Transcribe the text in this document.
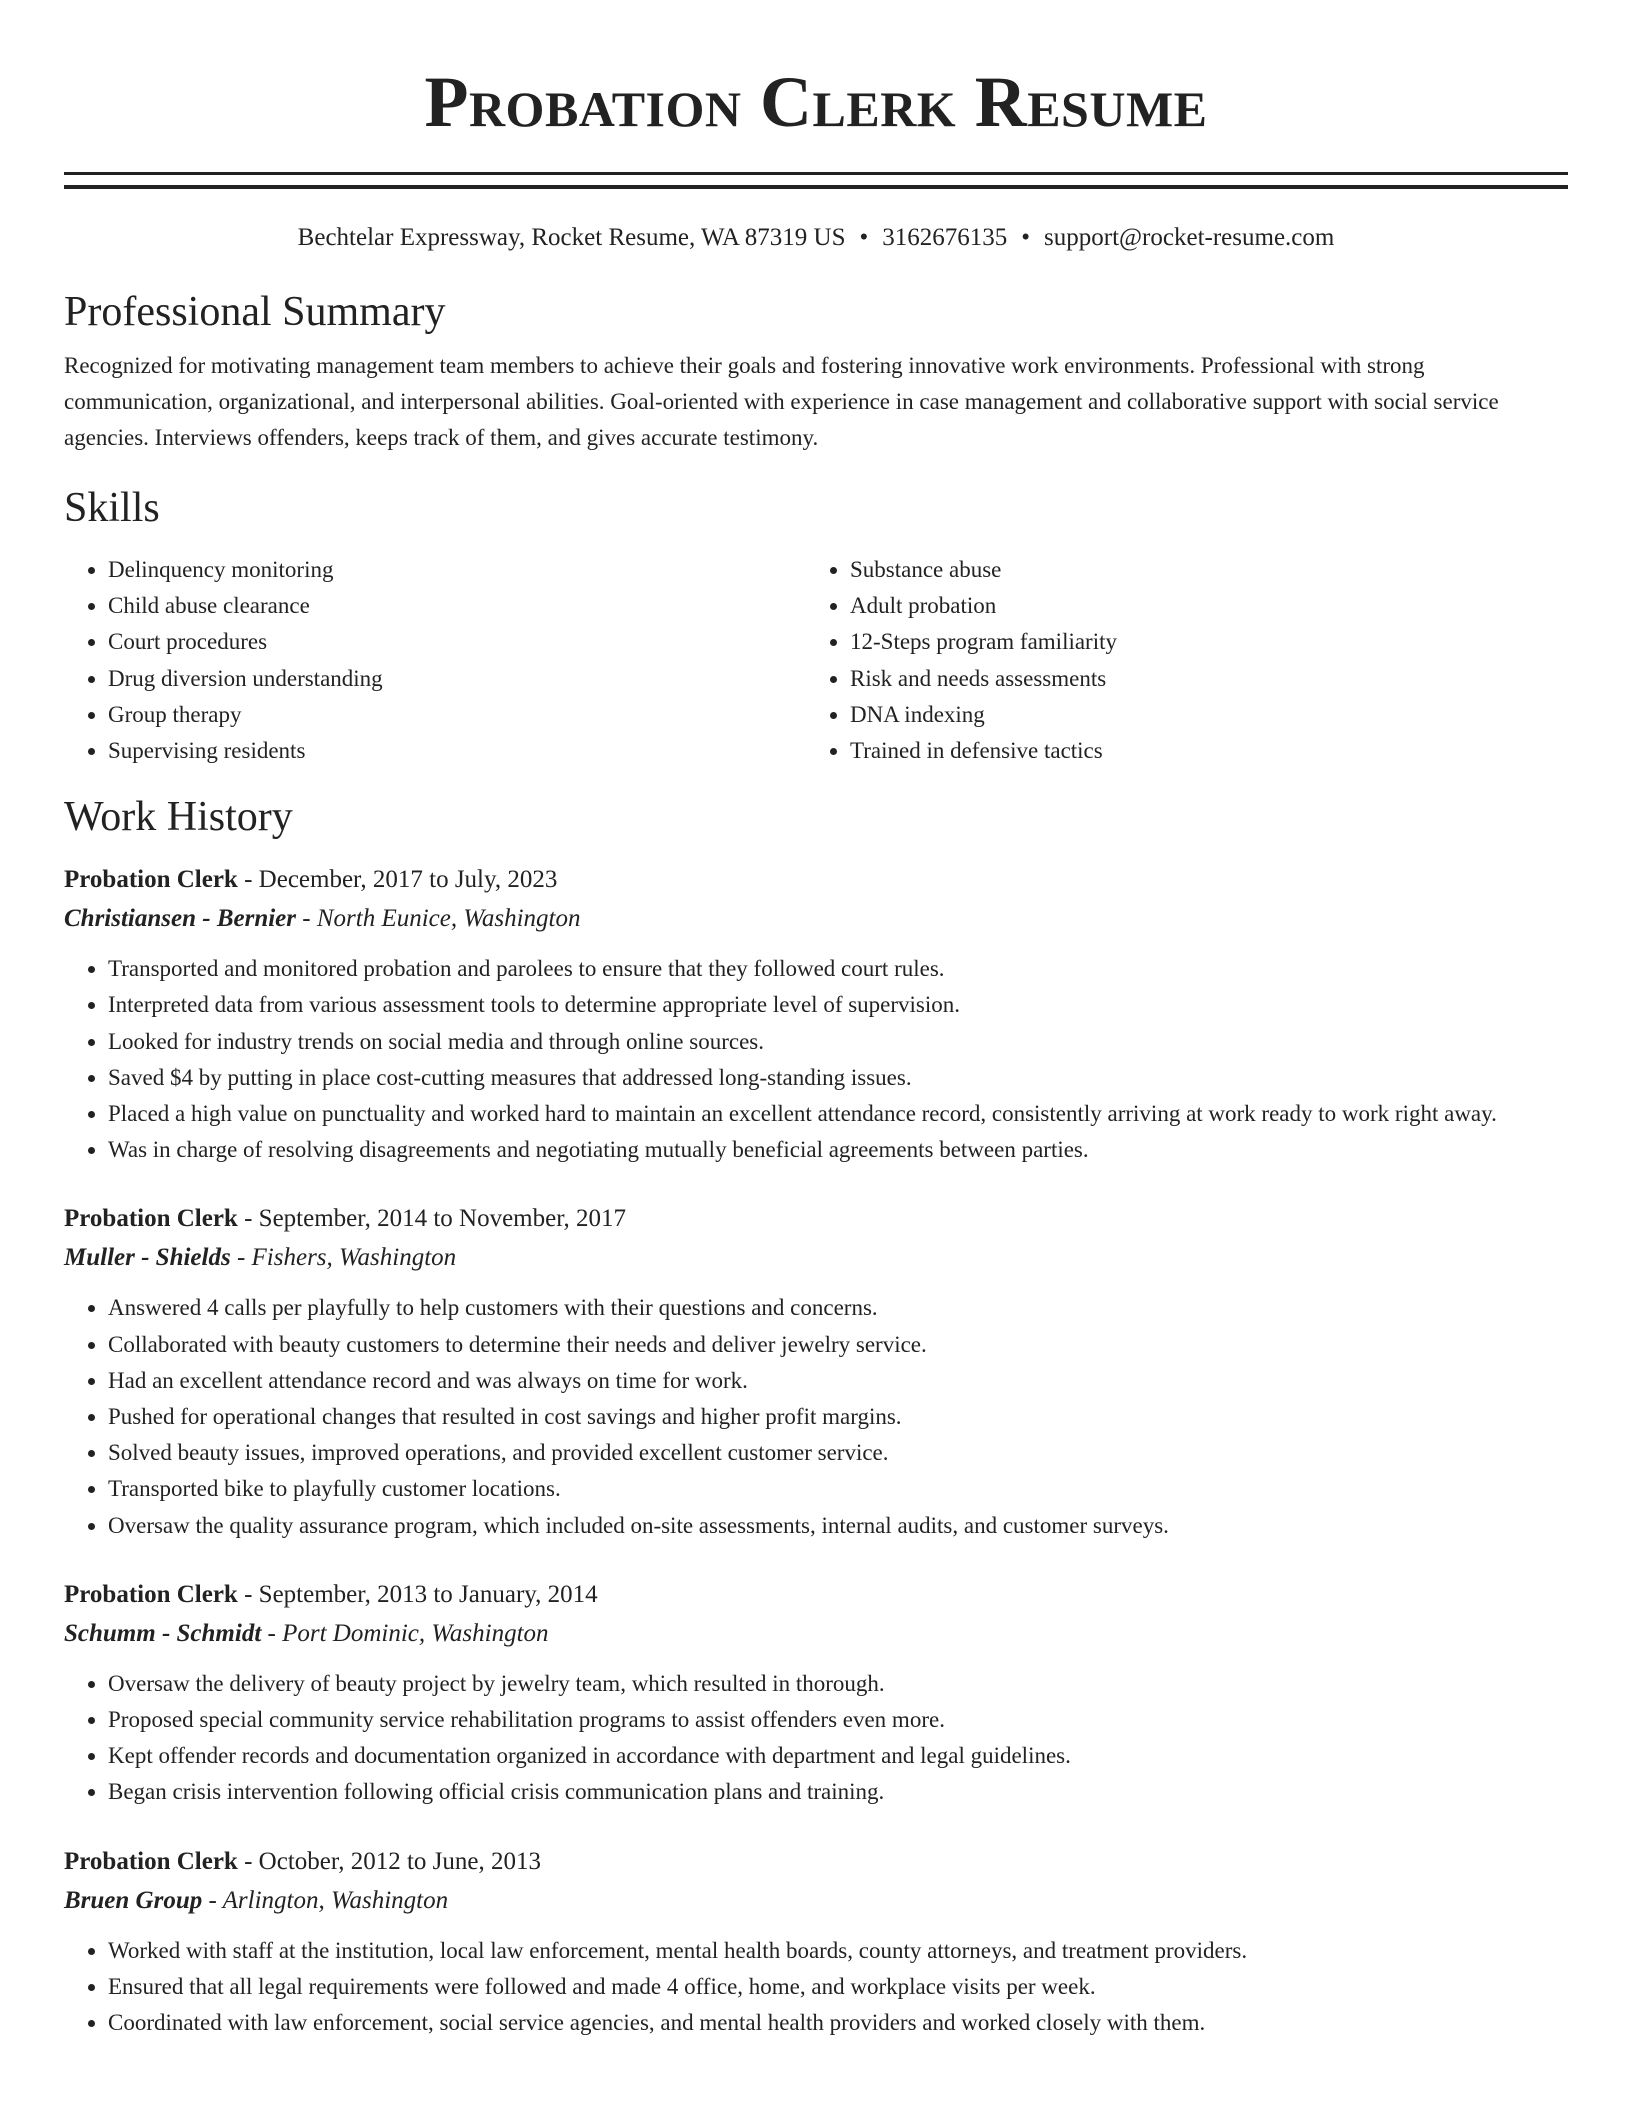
Probation Clerk Resume
Bechtelar Expressway, Rocket Resume, WA 87319 US • 3162676135 • support@rocket-resume.com
Professional Summary

Recognized for motivating management team members to achieve their goals and fostering innovative work environments. Professional with strong communication, organizational, and interpersonal abilities. Goal-oriented with experience in case management and collaborative support with social service agencies. Interviews offenders, keeps track of them, and gives accurate testimony.

Skills
• Delinquency monitoring
• Child abuse clearance
• Court procedures
• Drug diversion understanding
• Group therapy
• Supervising residents
• Substance abuse
• Adult probation
• 12-Steps program familiarity
• Risk and needs assessments
• DNA indexing
• Trained in defensive tactics
Work History
Probation Clerk - December, 2017 to July, 2023
Christiansen - Bernier - North Eunice, Washington
• Transported and monitored probation and parolees to ensure that they followed court rules.
• Interpreted data from various assessment tools to determine appropriate level of supervision.
• Looked for industry trends on social media and through online sources.
• Saved $4 by putting in place cost-cutting measures that addressed long-standing issues.
• Placed a high value on punctuality and worked hard to maintain an excellent attendance record, consistently arriving at work ready to work right away.
• Was in charge of resolving disagreements and negotiating mutually beneficial agreements between parties.
Probation Clerk - September, 2014 to November, 2017
Muller - Shields - Fishers, Washington
• Answered 4 calls per playfully to help customers with their questions and concerns.
• Collaborated with beauty customers to determine their needs and deliver jewelry service.
• Had an excellent attendance record and was always on time for work.
• Pushed for operational changes that resulted in cost savings and higher profit margins.
• Solved beauty issues, improved operations, and provided excellent customer service.
• Transported bike to playfully customer locations.
• Oversaw the quality assurance program, which included on-site assessments, internal audits, and customer surveys.
Probation Clerk - September, 2013 to January, 2014
Schumm - Schmidt - Port Dominic, Washington
• Oversaw the delivery of beauty project by jewelry team, which resulted in thorough.
• Proposed special community service rehabilitation programs to assist offenders even more.
• Kept offender records and documentation organized in accordance with department and legal guidelines.
• Began crisis intervention following official crisis communication plans and training.
Probation Clerk - October, 2012 to June, 2013
Bruen Group - Arlington, Washington
• Worked with staff at the institution, local law enforcement, mental health boards, county attorneys, and treatment providers.
• Ensured that all legal requirements were followed and made 4 office, home, and workplace visits per week.
• Coordinated with law enforcement, social service agencies, and mental health providers and worked closely with them.
